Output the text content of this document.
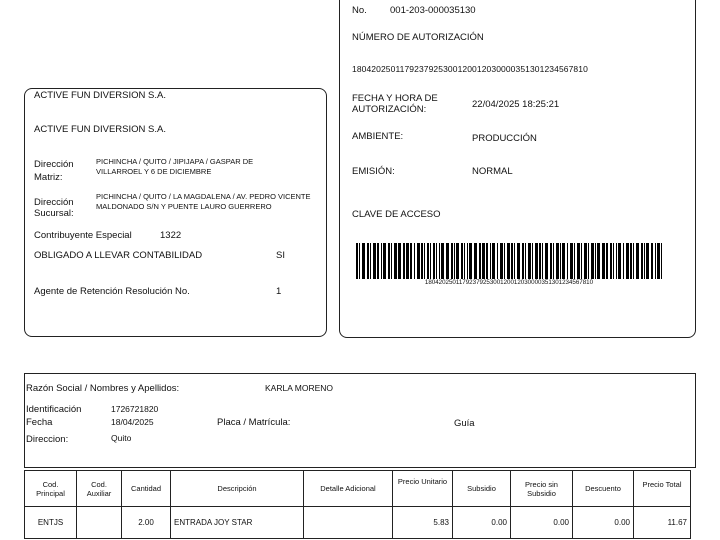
No. 001-203-000035130
NÚMERO DE AUTORIZACIÓN
1804202501179237925300120012030000351301234567810
FECHA Y HORA DE AUTORIZACIÓN:	22/04/2025 18:25:21
AMBIENTE:	PRODUCCIÓN
EMISIÓN:	NORMAL
CLAVE DE ACCESO
1804202501179237925300120012030000351301234567810
ACTIVE FUN DIVERSION S.A.
ACTIVE FUN DIVERSION S.A.
Dirección Matriz:
PICHINCHA / QUITO / JIPIJAPA / GASPAR DE VILLARROEL Y 6 DE DICIEMBRE
Dirección Sucursal:
PICHINCHA / QUITO / LA MAGDALENA / AV. PEDRO VICENTE MALDONADO S/N Y PUENTE LAURO GUERRERO
Contribuyente Especial	1322
OBLIGADO A LLEVAR CONTABILIDAD	SI
Agente de Retención Resolución No.	1
Razón Social / Nombres y Apellidos:	KARLA MORENO
Identificación	1726721820
Fecha	18/04/2025	Placa / Matrícula:	Guía
Direccion:	Quito
Cod. Principal	Cod. Auxiliar	Cantidad	Descripción	Detalle Adicional	Precio Unitario	Subsidio	Precio sin Subsidio	Descuento	Precio Total
ENTJS		2.00	ENTRADA JOY STAR		5.83	0.00	0.00	0.00	11.67
